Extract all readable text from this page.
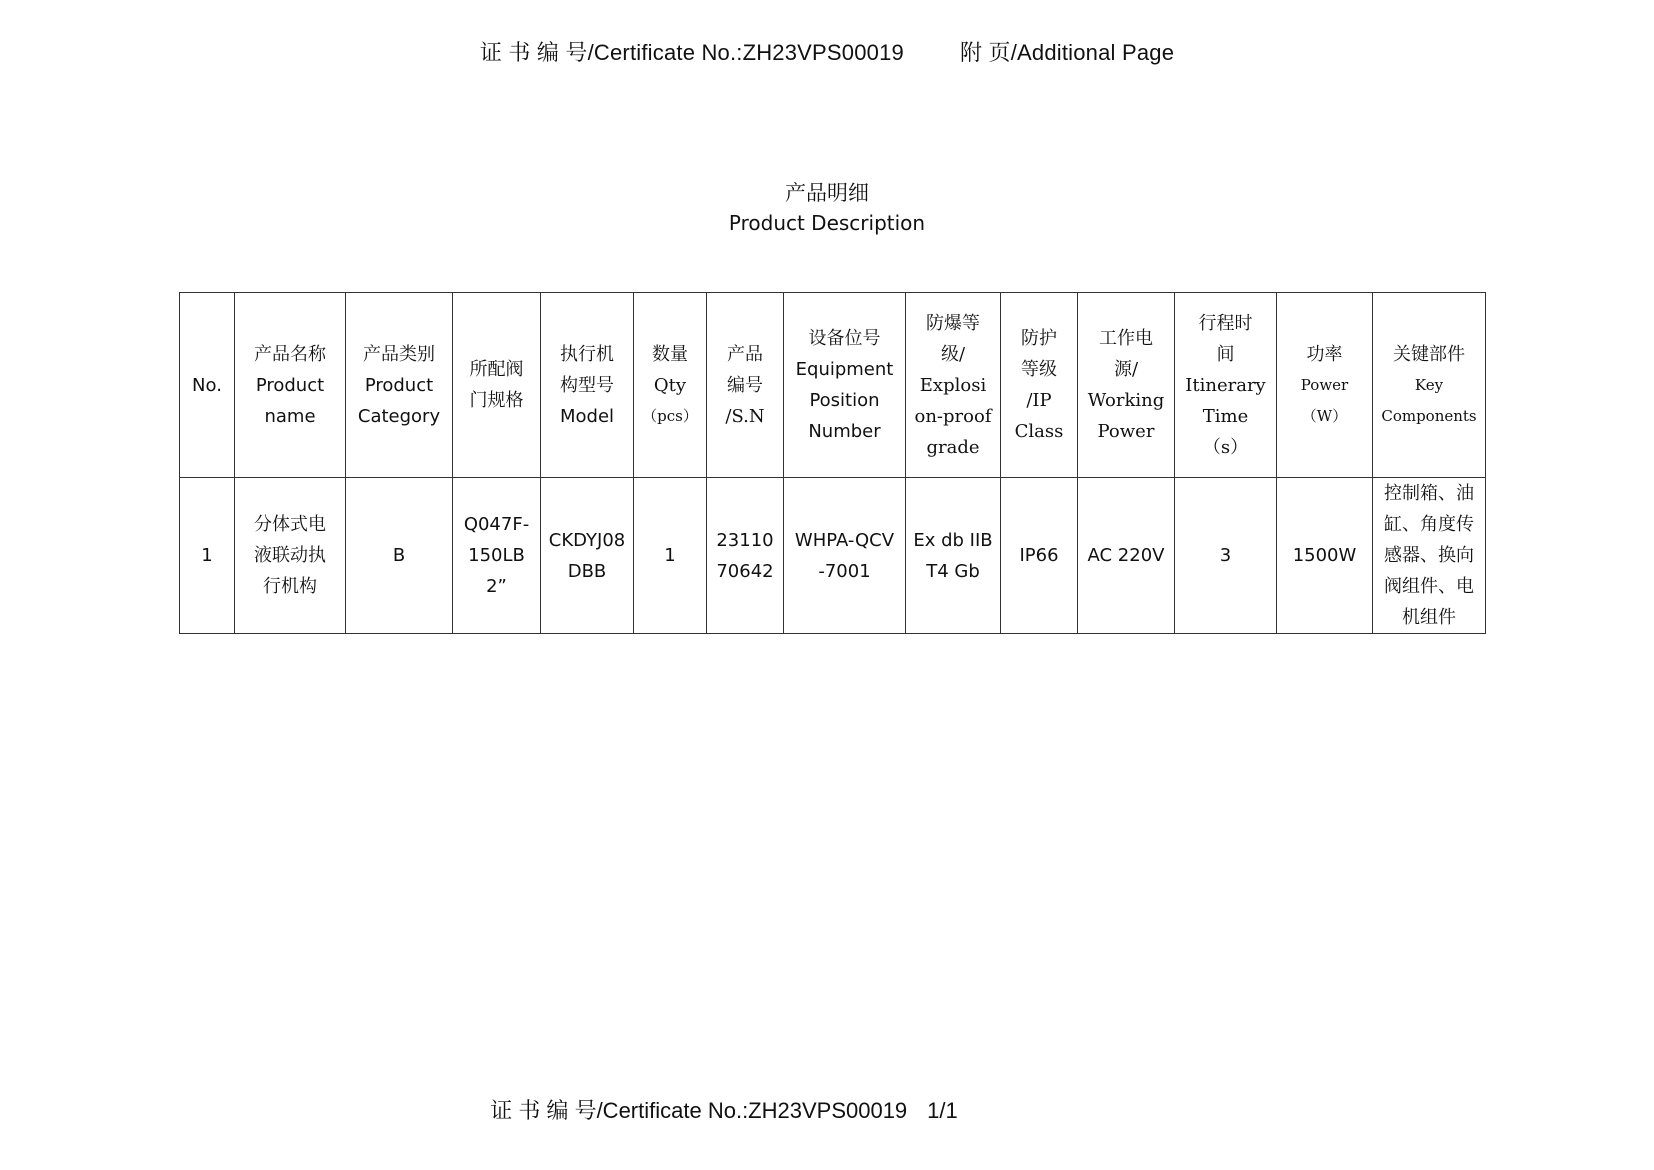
证 书 编 号/Certificate No.:ZH23VPS00019	附 页/Additional Page
产品明细
Product Description
No.	产品名称
Product
name	产品类别
Product
Category	所配阀
门规格	执行机
构型号
Model	数量
Qty
（pcs）	产品
编号
/S.N	设备位号
Equipment
Position
Number	防爆等
级/
Explosi
on-proof
grade	防护
等级
/IP
Class	工作电
源/
Working
Power	行程时
间
Itinerary
Time
（s）	功率
Power
（W）	关键部件
Key
Components

1	分体式电
液联动执
行机构	B	Q047F-
150LB
2”	CKDYJ08
DBB	1	23110
70642	WHPA-QCV
-7001	Ex db IIB
T4 Gb	IP66	AC 220V	3	1500W	控制箱、油
缸、角度传
感器、换向
阀组件、电
机组件
证 书 编 号/Certificate No.:ZH23VPS00019 1/1
